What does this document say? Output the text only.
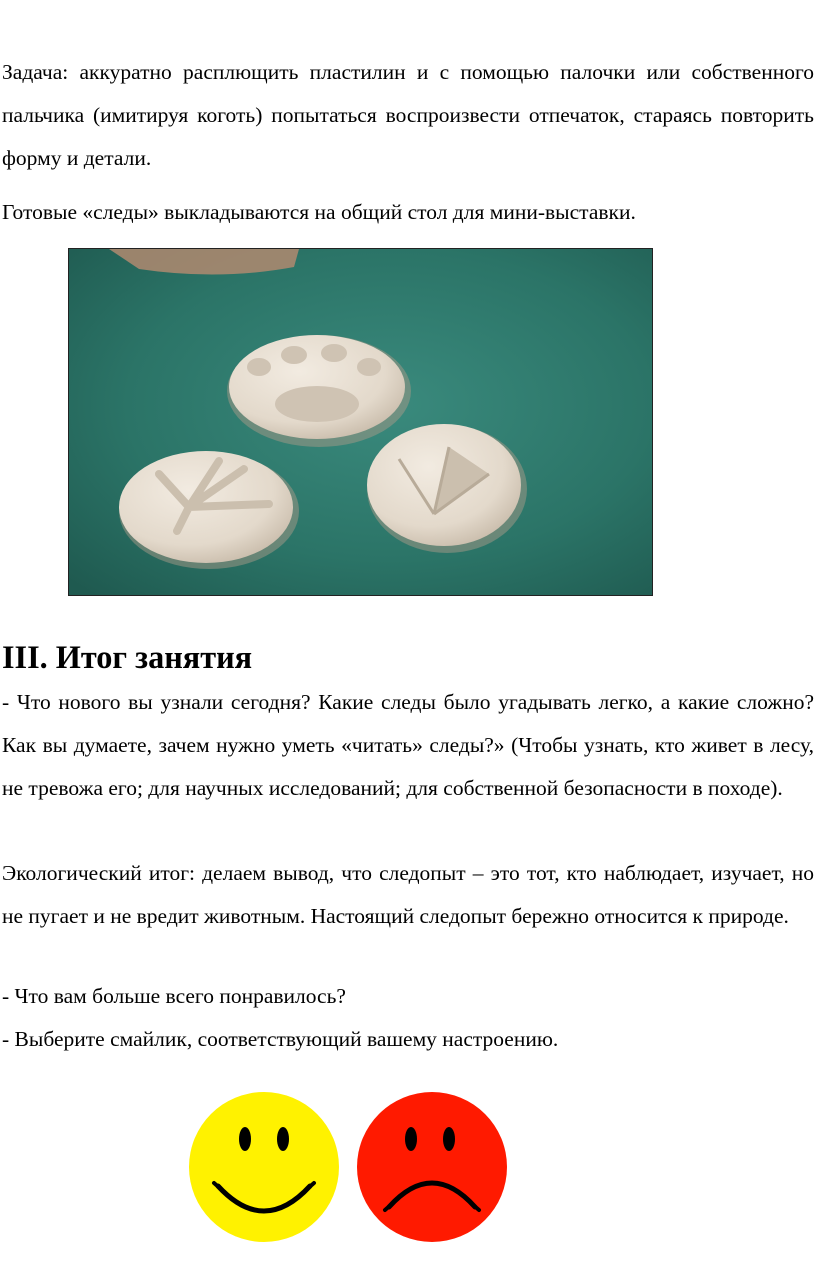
Задача: аккуратно расплющить пластилин и с помощью палочки или собственного пальчика (имитируя коготь) попытаться воспроизвести отпечаток, стараясь повторить форму и детали.

Готовые «следы» выкладываются на общий стол для мини-выставки.

III. Итог занятия

- Что нового вы узнали сегодня? Какие следы было угадывать легко, а какие сложно? Как вы думаете, зачем нужно уметь «читать» следы?» (Чтобы узнать, кто живет в лесу, не тревожа его; для научных исследований; для собственной безопасности в походе).

Экологический итог: делаем вывод, что следопыт – это тот, кто наблюдает, изучает, но не пугает и не вредит животным. Настоящий следопыт бережно относится к природе.

- Что вам больше всего понравилось?

- Выберите смайлик, соответствующий вашему настроению.
